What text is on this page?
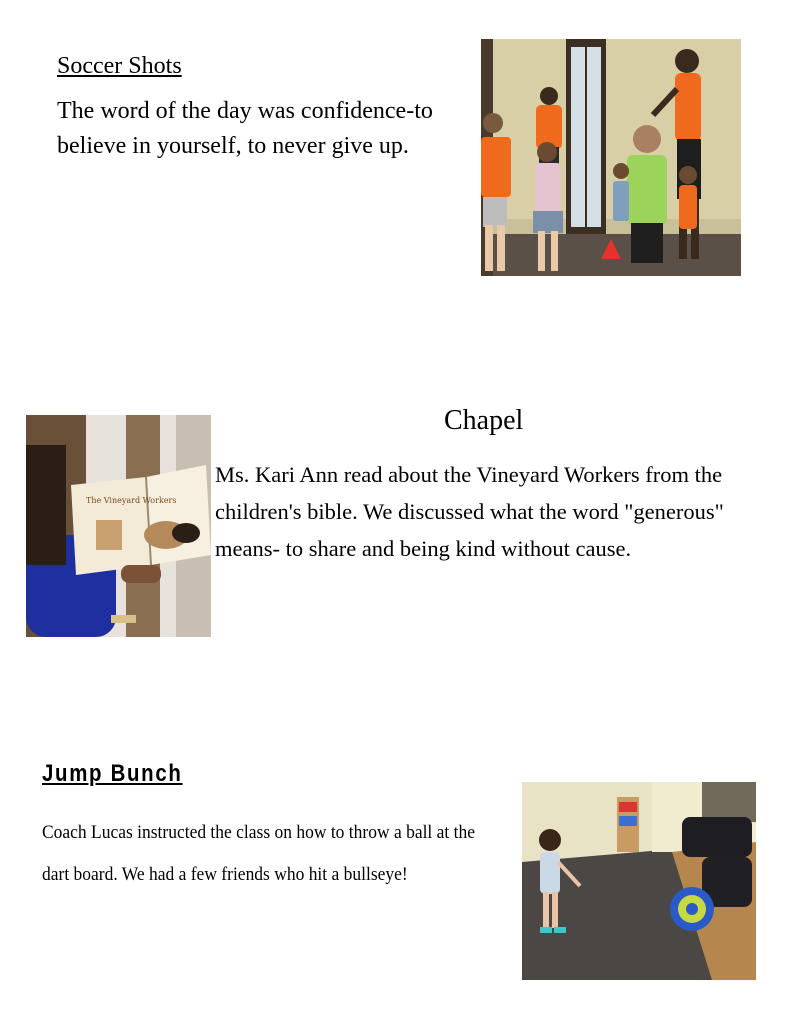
Soccer Shots
The word of the day was confidence-to believe in yourself, to never give up.
The Vineyard Workers
Chapel
Ms. Kari Ann read about the Vineyard Workers from the children's bible. We discussed what the word "generous" means- to share and being kind without cause.
Jump Bunch
Coach Lucas instructed the class on how to throw a ball at the dart board. We had a few friends who hit a bullseye!
